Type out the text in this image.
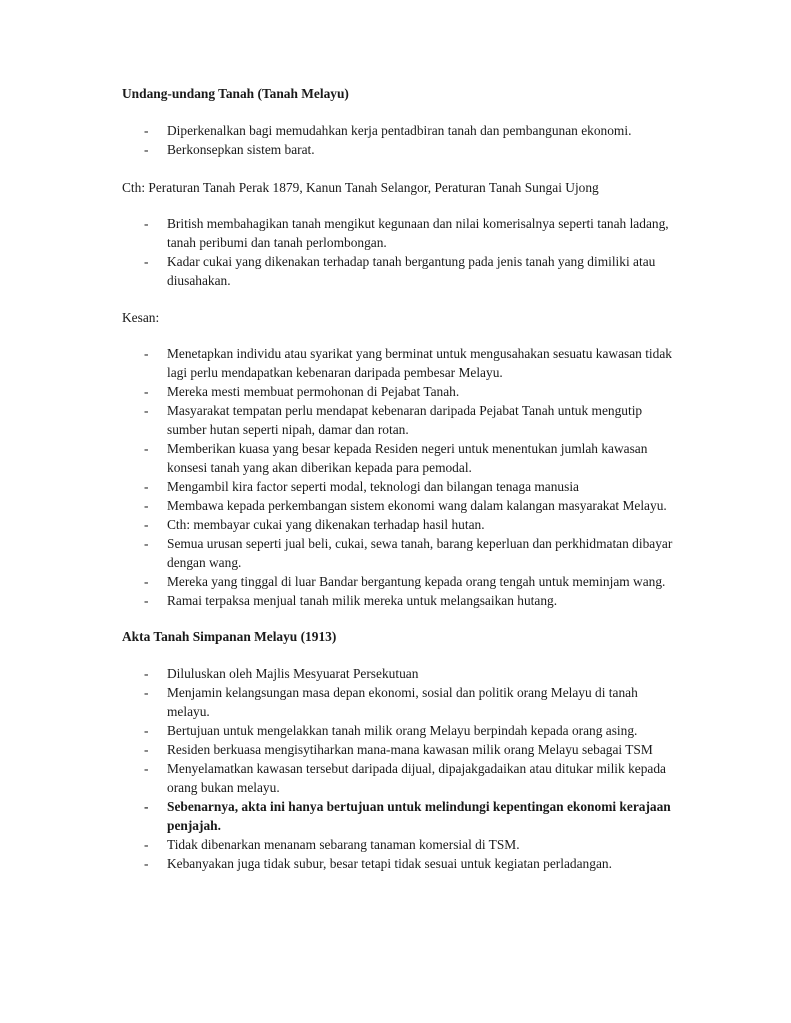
Undang-undang Tanah (Tanah Melayu)

- Diperkenalkan bagi memudahkan kerja pentadbiran tanah dan pembangunan ekonomi.
- Berkonsepkan sistem barat.

Cth: Peraturan Tanah Perak 1879, Kanun Tanah Selangor, Peraturan Tanah Sungai Ujong

- British membahagikan tanah mengikut kegunaan dan nilai komerisalnya seperti tanah ladang, tanah peribumi dan tanah perlombongan.
- Kadar cukai yang dikenakan terhadap tanah bergantung pada jenis tanah yang dimiliki atau diusahakan.

Kesan:

- Menetapkan individu atau syarikat yang berminat untuk mengusahakan sesuatu kawasan tidak lagi perlu mendapatkan kebenaran daripada pembesar Melayu.
- Mereka mesti membuat permohonan di Pejabat Tanah.
- Masyarakat tempatan perlu mendapat kebenaran daripada Pejabat Tanah untuk mengutip sumber hutan seperti nipah, damar dan rotan.
- Memberikan kuasa yang besar kepada Residen negeri untuk menentukan jumlah kawasan konsesi tanah yang akan diberikan kepada para pemodal.
- Mengambil kira factor seperti modal, teknologi dan bilangan tenaga manusia
- Membawa kepada perkembangan sistem ekonomi wang dalam kalangan masyarakat Melayu.
- Cth: membayar cukai yang dikenakan terhadap hasil hutan.
- Semua urusan seperti jual beli, cukai, sewa tanah, barang keperluan dan perkhidmatan dibayar dengan wang.
- Mereka yang tinggal di luar Bandar bergantung kepada orang tengah untuk meminjam wang.
- Ramai terpaksa menjual tanah milik mereka untuk melangsaikan hutang.

Akta Tanah Simpanan Melayu (1913)

- Diluluskan oleh Majlis Mesyuarat Persekutuan
- Menjamin kelangsungan masa depan ekonomi, sosial dan politik orang Melayu di tanah melayu.
- Bertujuan untuk mengelakkan tanah milik orang Melayu berpindah kepada orang asing.
- Residen berkuasa mengisytiharkan mana-mana kawasan milik orang Melayu sebagai TSM
- Menyelamatkan kawasan tersebut daripada dijual, dipajakgadaikan atau ditukar milik kepada orang bukan melayu.
- Sebenarnya, akta ini hanya bertujuan untuk melindungi kepentingan ekonomi kerajaan penjajah.
- Tidak dibenarkan menanam sebarang tanaman komersial di TSM.
- Kebanyakan juga tidak subur, besar tetapi tidak sesuai untuk kegiatan perladangan.
